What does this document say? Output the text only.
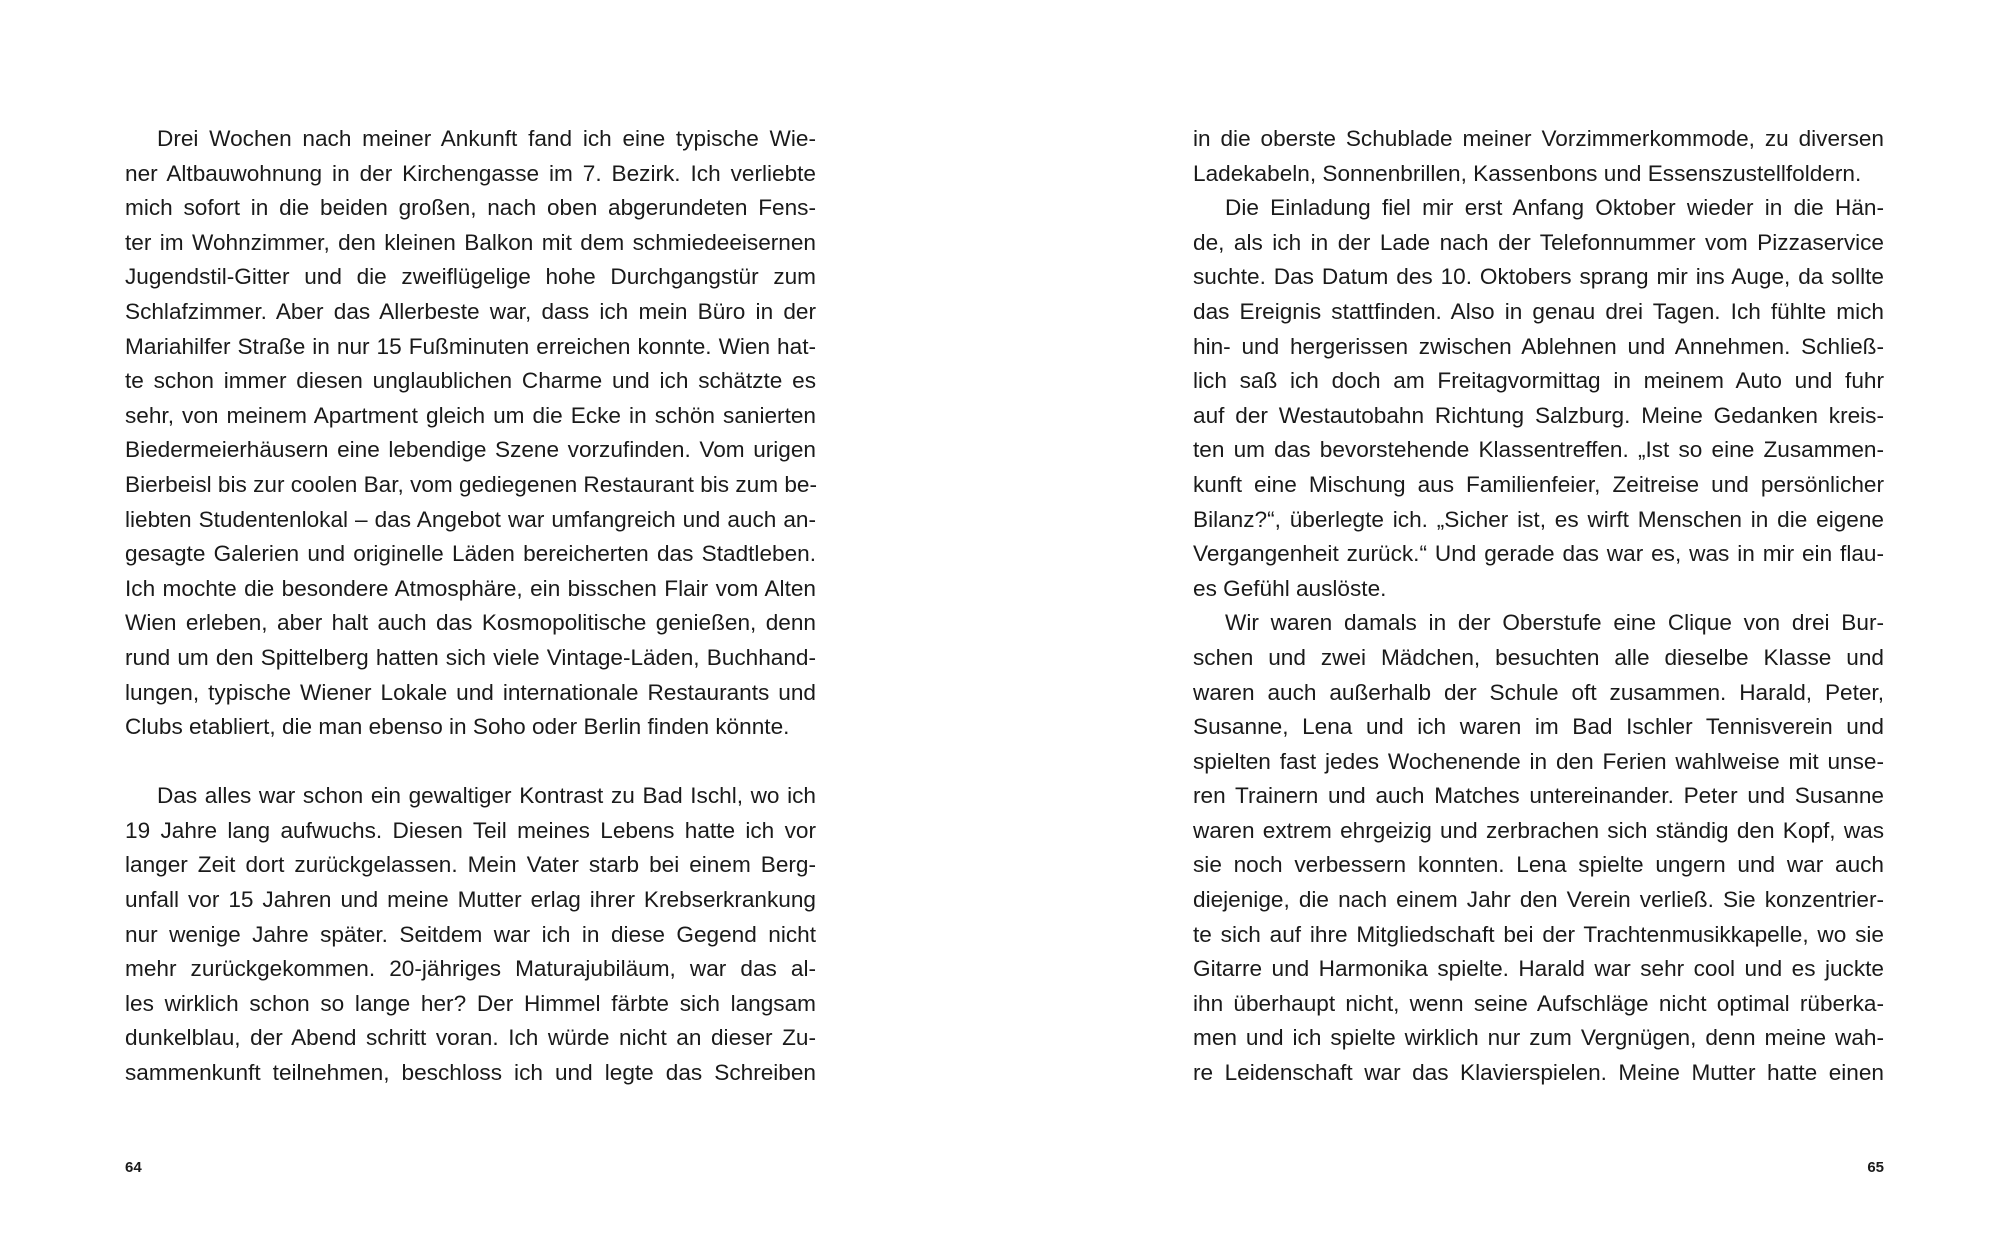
Drei Wochen nach meiner Ankunft fand ich eine typische Wie-
ner Altbauwohnung in der Kirchengasse im 7. Bezirk. Ich verliebte
mich sofort in die beiden großen, nach oben abgerundeten Fens-
ter im Wohnzimmer, den kleinen Balkon mit dem schmiedeeisernen
Jugendstil-Gitter und die zweiflügelige hohe Durchgangstür zum
Schlafzimmer. Aber das Allerbeste war, dass ich mein Büro in der
Mariahilfer Straße in nur 15 Fußminuten erreichen konnte. Wien hat-
te schon immer diesen unglaublichen Charme und ich schätzte es
sehr, von meinem Apartment gleich um die Ecke in schön sanierten
Biedermeierhäusern eine lebendige Szene vorzufinden. Vom urigen
Bierbeisl bis zur coolen Bar, vom gediegenen Restaurant bis zum be-
liebten Studentenlokal – das Angebot war umfangreich und auch an-
gesagte Galerien und originelle Läden bereicherten das Stadtleben.
Ich mochte die besondere Atmosphäre, ein bisschen Flair vom Alten
Wien erleben, aber halt auch das Kosmopolitische genießen, denn
rund um den Spittelberg hatten sich viele Vintage-Läden, Buchhand-
lungen, typische Wiener Lokale und internationale Restaurants und
Clubs etabliert, die man ebenso in Soho oder Berlin finden könnte.
Das alles war schon ein gewaltiger Kontrast zu Bad Ischl, wo ich
19 Jahre lang aufwuchs. Diesen Teil meines Lebens hatte ich vor
langer Zeit dort zurückgelassen. Mein Vater starb bei einem Berg-
unfall vor 15 Jahren und meine Mutter erlag ihrer Krebserkrankung
nur wenige Jahre später. Seitdem war ich in diese Gegend nicht
mehr zurückgekommen. 20-jähriges Maturajubiläum, war das al-
les wirklich schon so lange her? Der Himmel färbte sich langsam
dunkelblau, der Abend schritt voran. Ich würde nicht an dieser Zu-
sammenkunft teilnehmen, beschloss ich und legte das Schreiben
64
in die oberste Schublade meiner Vorzimmerkommode, zu diversen
Ladekabeln, Sonnenbrillen, Kassenbons und Essenszustellfoldern.
Die Einladung fiel mir erst Anfang Oktober wieder in die Hän-
de, als ich in der Lade nach der Telefonnummer vom Pizzaservice
suchte. Das Datum des 10. Oktobers sprang mir ins Auge, da sollte
das Ereignis stattfinden. Also in genau drei Tagen. Ich fühlte mich
hin- und hergerissen zwischen Ablehnen und Annehmen. Schließ-
lich saß ich doch am Freitagvormittag in meinem Auto und fuhr
auf der Westautobahn Richtung Salzburg. Meine Gedanken kreis-
ten um das bevorstehende Klassentreffen. „Ist so eine Zusammen-
kunft eine Mischung aus Familienfeier, Zeitreise und persönlicher
Bilanz?“, überlegte ich. „Sicher ist, es wirft Menschen in die eigene
Vergangenheit zurück.“ Und gerade das war es, was in mir ein flau-
es Gefühl auslöste.
Wir waren damals in der Oberstufe eine Clique von drei Bur-
schen und zwei Mädchen, besuchten alle dieselbe Klasse und
waren auch außerhalb der Schule oft zusammen. Harald, Peter,
Susanne, Lena und ich waren im Bad Ischler Tennisverein und
spielten fast jedes Wochenende in den Ferien wahlweise mit unse-
ren Trainern und auch Matches untereinander. Peter und Susanne
waren extrem ehrgeizig und zerbrachen sich ständig den Kopf, was
sie noch verbessern konnten. Lena spielte ungern und war auch
diejenige, die nach einem Jahr den Verein verließ. Sie konzentrier-
te sich auf ihre Mitgliedschaft bei der Trachtenmusikkapelle, wo sie
Gitarre und Harmonika spielte. Harald war sehr cool und es juckte
ihn überhaupt nicht, wenn seine Aufschläge nicht optimal rüberka-
men und ich spielte wirklich nur zum Vergnügen, denn meine wah-
re Leidenschaft war das Klavierspielen. Meine Mutter hatte einen
65
